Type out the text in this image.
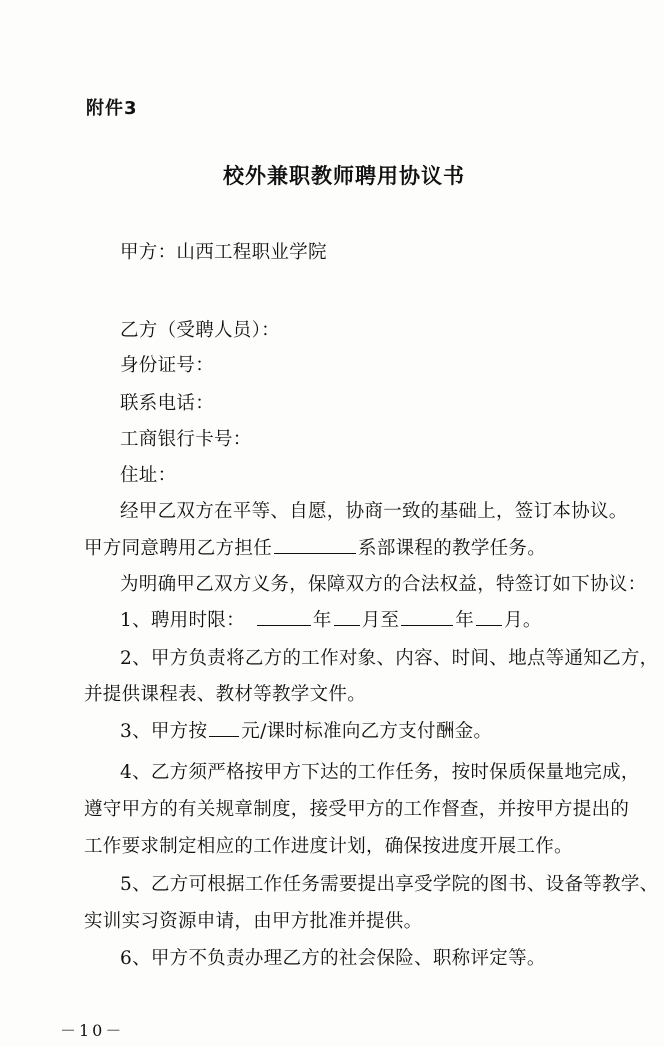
附件3
校外兼职教师聘用协议书
甲方：山西工程职业学院
乙方（受聘人员）：
身份证号：
联系电话：
工商银行卡号：
住址：
经甲乙双方在平等、自愿，协商一致的基础上，签订本协议。
甲方同意聘用乙方担任	系部课程的教学任务。
为明确甲乙双方义务，保障双方的合法权益，特签订如下协议：
1、聘用时限：	年 月至	年 月。
2、甲方负责将乙方的工作对象、内容、时间、地点等通知乙方，
并提供课程表、教材等教学文件。
3、甲方按 元/课时标准向乙方支付酬金。
4、乙方须严格按甲方下达的工作任务，按时保质保量地完成，
遵守甲方的有关规章制度，接受甲方的工作督查，并按甲方提出的
工作要求制定相应的工作进度计划，确保按进度开展工作。
5、乙方可根据工作任务需要提出享受学院的图书、设备等教学、
实训实习资源申请，由甲方批准并提供。
6、甲方不负责办理乙方的社会保险、职称评定等。
－10－
